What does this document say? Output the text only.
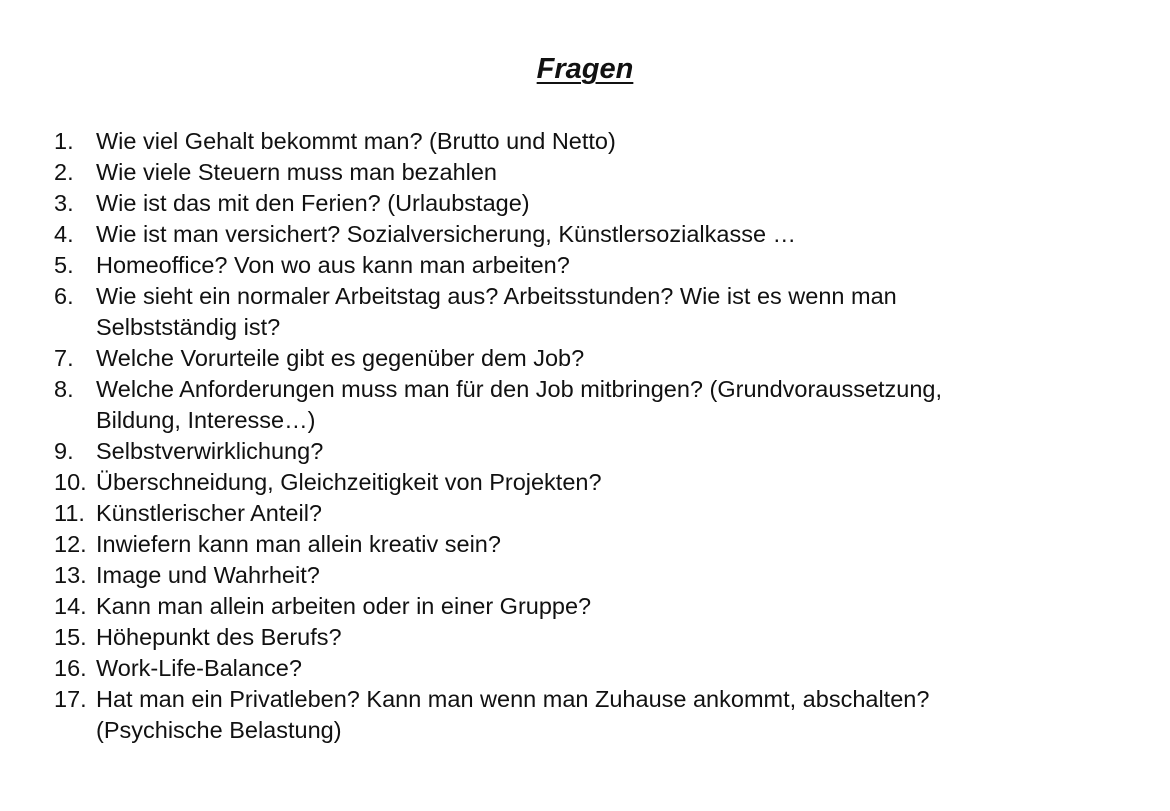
Fragen
1. Wie viel Gehalt bekommt man? (Brutto und Netto)
2. Wie viele Steuern muss man bezahlen
3. Wie ist das mit den Ferien? (Urlaubstage)
4. Wie ist man versichert? Sozialversicherung, Künstlersozialkasse …
5. Homeoffice? Von wo aus kann man arbeiten?
6. Wie sieht ein normaler Arbeitstag aus? Arbeitsstunden? Wie ist es wenn man
Selbstständig ist?
7. Welche Vorurteile gibt es gegenüber dem Job?
8. Welche Anforderungen muss man für den Job mitbringen? (Grundvoraussetzung,
Bildung, Interesse…)
9. Selbstverwirklichung?
10. Überschneidung, Gleichzeitigkeit von Projekten?
11. Künstlerischer Anteil?
12. Inwiefern kann man allein kreativ sein?
13. Image und Wahrheit?
14. Kann man allein arbeiten oder in einer Gruppe?
15. Höhepunkt des Berufs?
16. Work-Life-Balance?
17. Hat man ein Privatleben? Kann man wenn man Zuhause ankommt, abschalten?
(Psychische Belastung)
